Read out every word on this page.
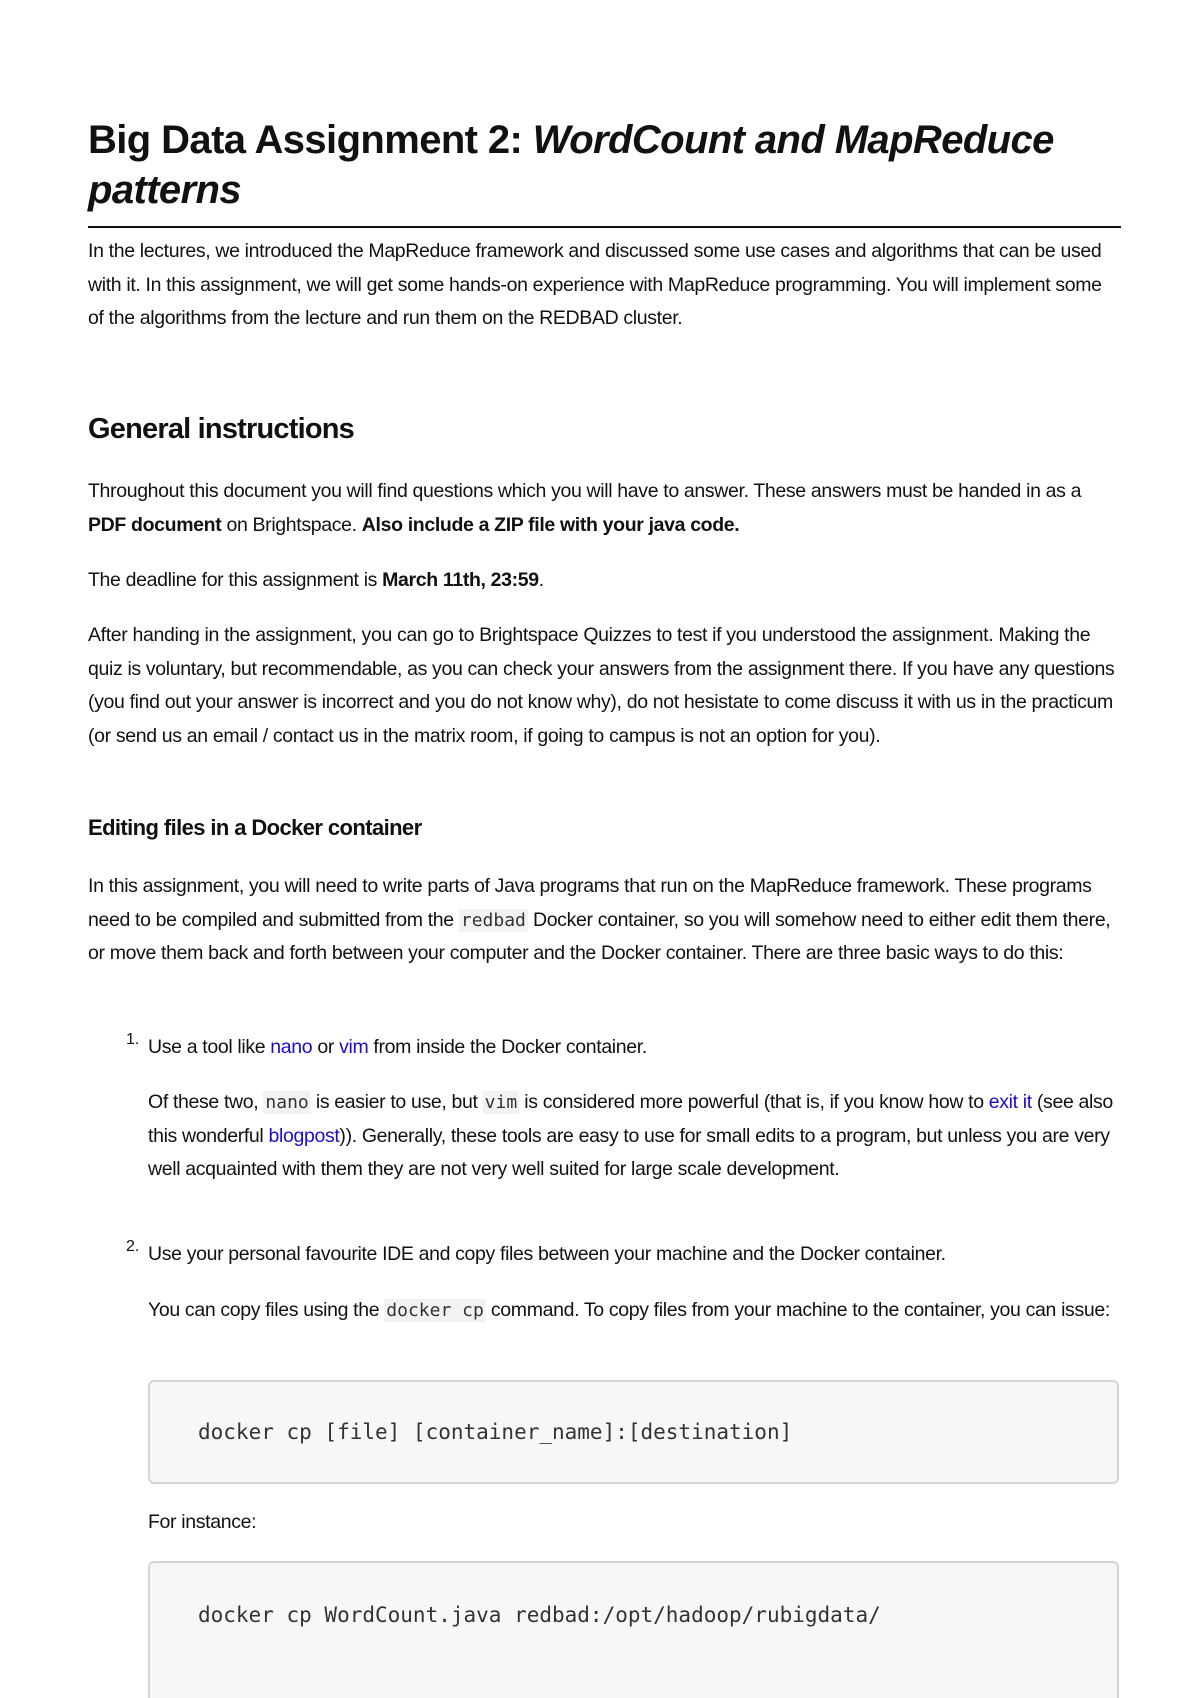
Big Data Assignment 2: WordCount and MapReduce patterns

In the lectures, we introduced the MapReduce framework and discussed some use cases and algorithms that can be used with it. In this assignment, we will get some hands-on experience with MapReduce programming. You will implement some of the algorithms from the lecture and run them on the REDBAD cluster.

General instructions

Throughout this document you will find questions which you will have to answer. These answers must be handed in as a PDF document on Brightspace. Also include a ZIP file with your java code.

The deadline for this assignment is March 11th, 23:59.

After handing in the assignment, you can go to Brightspace Quizzes to test if you understood the assignment. Making the quiz is voluntary, but recommendable, as you can check your answers from the assignment there. If you have any questions (you find out your answer is incorrect and you do not know why), do not hesistate to come discuss it with us in the practicum (or send us an email / contact us in the matrix room, if going to campus is not an option for you).

Editing files in a Docker container

In this assignment, you will need to write parts of Java programs that run on the MapReduce framework. These programs need to be compiled and submitted from the redbad Docker container, so you will somehow need to either edit them there, or move them back and forth between your computer and the Docker container. There are three basic ways to do this:

1. Use a tool like nano or vim from inside the Docker container.

Of these two, nano is easier to use, but vim is considered more powerful (that is, if you know how to exit it (see also this wonderful blogpost)). Generally, these tools are easy to use for small edits to a program, but unless you are very well acquainted with them they are not very well suited for large scale development.

2. Use your personal favourite IDE and copy files between your machine and the Docker container.

You can copy files using the docker cp command. To copy files from your machine to the container, you can issue:

docker cp [file] [container_name]:[destination]

For instance:

docker cp WordCount.java redbad:/opt/hadoop/rubigdata/
